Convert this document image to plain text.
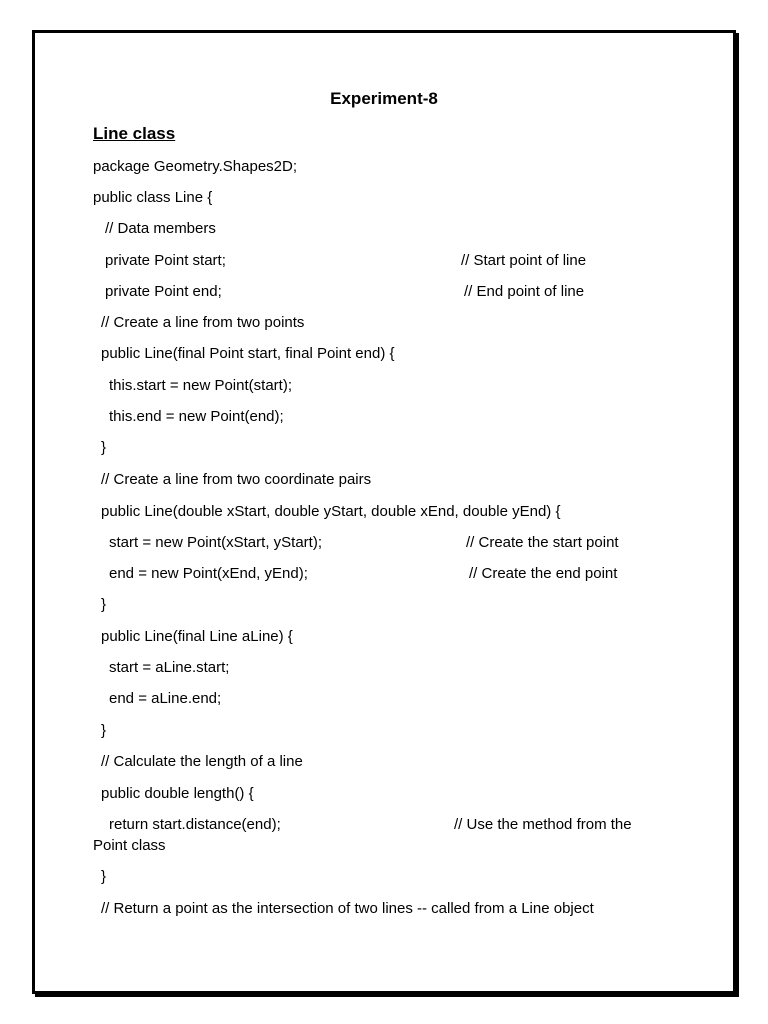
Experiment-8
Line class
package Geometry.Shapes2D;
public class Line {
// Data members
private Point start;	// Start point of line
private Point end;	// End point of line
// Create a line from two points
public Line(final Point start, final Point end) {
this.start = new Point(start);
this.end = new Point(end);
}
// Create a line from two coordinate pairs
public Line(double xStart, double yStart, double xEnd, double yEnd) {
start = new Point(xStart, yStart);	// Create the start point
end = new Point(xEnd, yEnd);	// Create the end point
}
public Line(final Line aLine) {
start = aLine.start;
end = aLine.end;
}
// Calculate the length of a line
public double length() {
return start.distance(end);	// Use the method from the
Point class
}
// Return a point as the intersection of two lines -- called from a Line object
